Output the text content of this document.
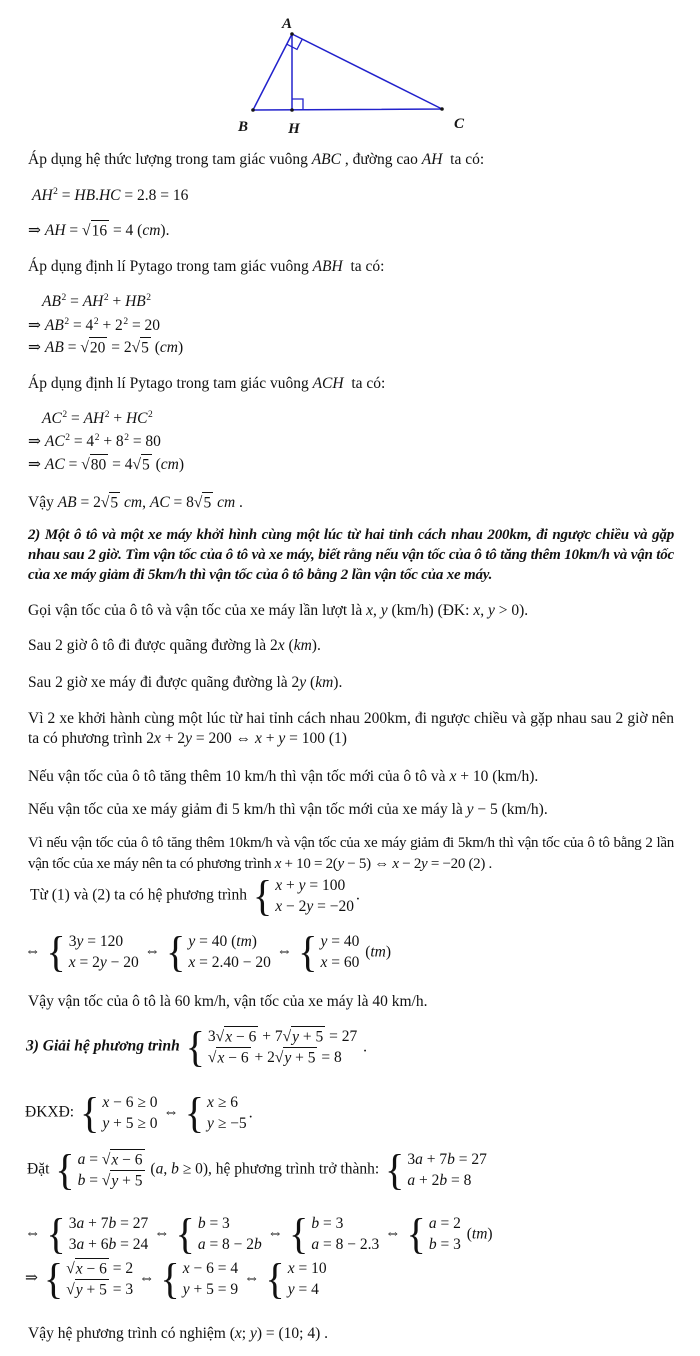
A
B	H	C
Áp dụng hệ thức lượng trong tam giác vuông ABC , đường cao AH  ta có:
$AH^2 = HB.HC = 2.8 = 16$
⇒ AH = √16 = 4 (cm).
Áp dụng định lí Pytago trong tam giác vuông ABH  ta có:
$AB^2 = AH^2 + HB^2$
⇒ $AB^2 = 4^2 + 2^2 = 20$
⇒ AB = √20 = 2√5 (cm)
Áp dụng định lí Pytago trong tam giác vuông ACH  ta có:
$AC^2 = AH^2 + HC^2$
⇒ $AC^2 = 4^2 + 8^2 = 80$
⇒ AC = √80 = 4√5 (cm)
Vậy AB = 2√5 cm, AC = 8√5 cm .
2) Một ô tô và một xe máy khởi hình cùng một lúc từ hai tỉnh cách nhau 200km, đi ngược chiều và gặp nhau sau 2 giờ. Tìm vận tốc của ô tô và xe máy, biết rằng nếu vận tốc của ô tô tăng thêm 10km/h và vận tốc của xe máy giảm đi 5km/h thì vận tốc của ô tô bằng 2 lần vận tốc của xe máy.
Gọi vận tốc của ô tô và vận tốc của xe máy lần lượt là x, y (km/h) (ĐK: x, y > 0).
Sau 2 giờ ô tô đi được quãng đường là 2x (km).
Sau 2 giờ xe máy đi được quãng đường là 2y (km).
Vì 2 xe khởi hành cùng một lúc từ hai tỉnh cách nhau 200km, đi ngược chiều và gặp nhau sau 2 giờ nên ta có phương trình 2x + 2y = 200 ⇔ x + y = 100 (1)
Nếu vận tốc của ô tô tăng thêm 10 km/h thì vận tốc mới của ô tô và x + 10 (km/h).
Nếu vận tốc của xe máy giảm đi 5 km/h thì vận tốc mới của xe máy là y − 5 (km/h).
Vì nếu vận tốc của ô tô tăng thêm 10km/h và vận tốc của xe máy giảm đi 5km/h thì vận tốc của ô tô bằng 2 lần vận tốc của xe máy nên ta có phương trình x + 10 = 2(y − 5) ⇔ x − 2y = −20 (2) .
Từ (1) và (2) ta có hệ phương trình { x + y = 100
x − 2y = −20
.
⇔ { 3y = 120
x = 2y − 20
⇔ { y = 40 (tm)
x = 2.40 − 20
⇔ { y = 40
x = 60
(tm)
Vậy vận tốc của ô tô là 60 km/h, vận tốc của xe máy là 40 km/h.
3) Giải hệ phương trình { 3√x − 6 + 7√y + 5 = 27
√x − 6 + 2√y + 5 = 8
.
ĐKXĐ: { x − 6 ≥ 0
y + 5 ≥ 0
⇔ { x ≥ 6
y ≥ −5
.
Đặt { a = √x − 6
b = √y + 5
(a, b ≥ 0), hệ phương trình trở thành: { 3a + 7b = 27
a + 2b = 8
⇔ { 3a + 7b = 27
3a + 6b = 24
⇔ { b = 3
a = 8 − 2b
⇔ { b = 3
a = 8 − 2.3
⇔ { a = 2
b = 3
(tm)
⇒ { √x − 6 = 2
√y + 5 = 3
⇔ { x − 6 = 4
y + 5 = 9
⇔ { x = 10
y = 4
Vậy hệ phương trình có nghiệm (x; y) = (10; 4) .
